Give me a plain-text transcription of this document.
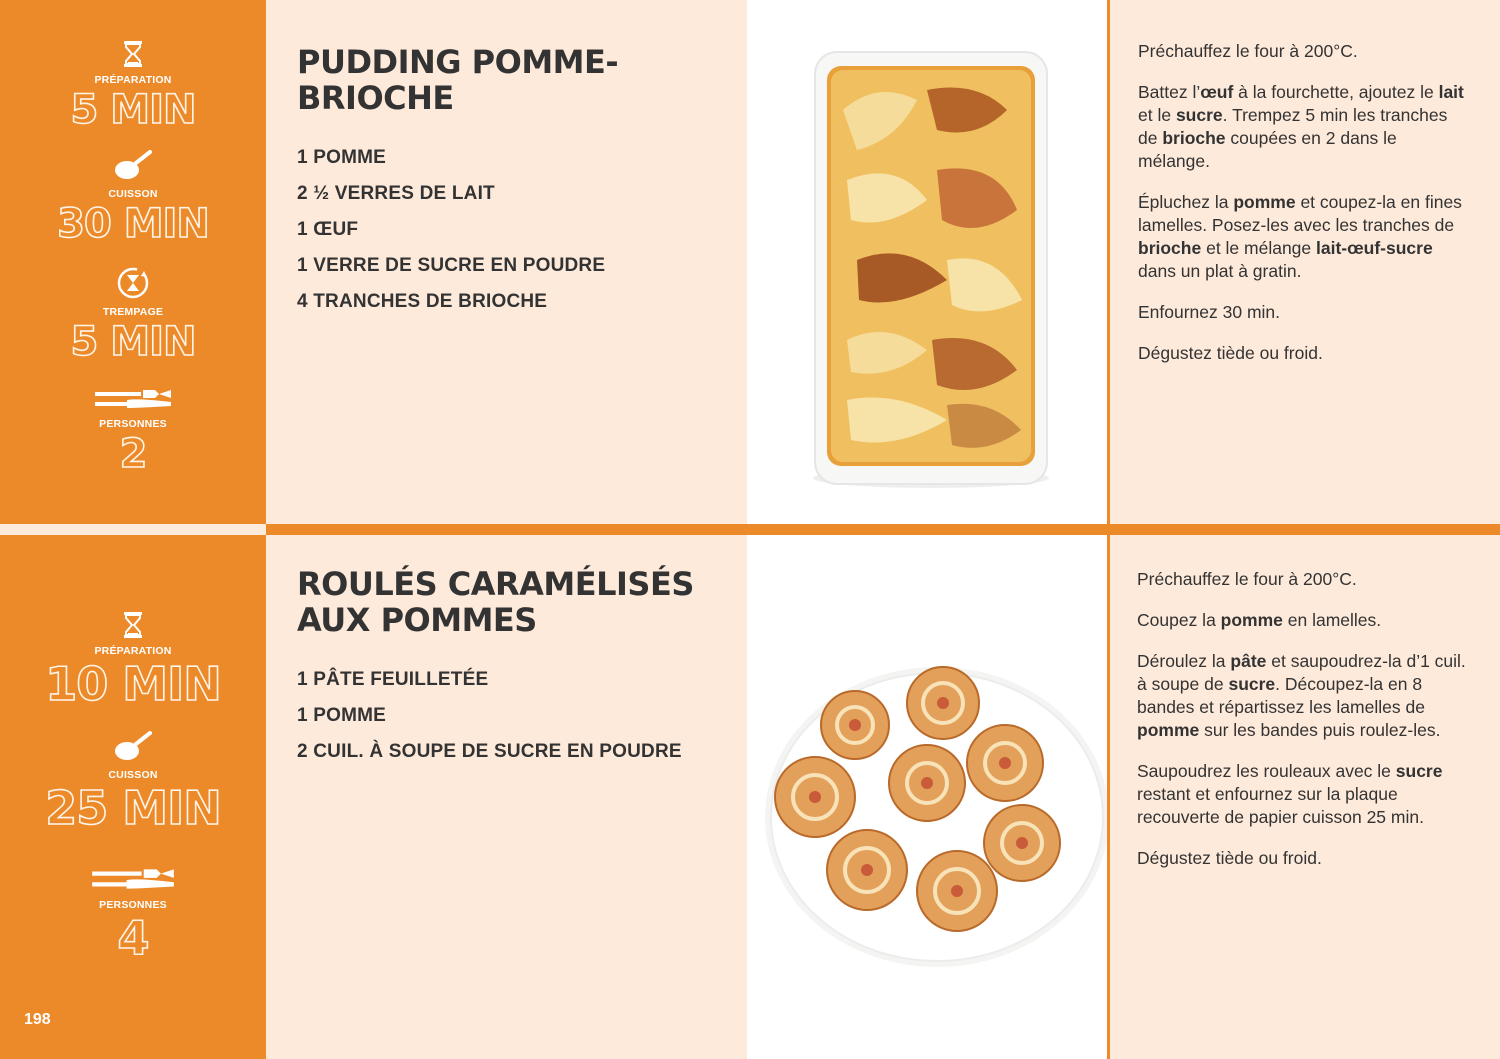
PRÉPARATION
5 MIN
CUISSON
30 MIN
TREMPAGE
5 MIN
PERSONNES
2
PUDDING POMME-BRIOCHE
1 POMME
2 ½ VERRES DE LAIT
1 ŒUF
1 VERRE DE SUCRE EN POUDRE
4 TRANCHES DE BRIOCHE

Préchauffez le four à 200°C.

Battez l’œuf à la fourchette, ajoutez le lait et le sucre. Trempez 5 min les tranches de brioche coupées en 2 dans le mélange.

Épluchez la pomme et coupez-la en fines lamelles. Posez-les avec les tranches de brioche et le mélange lait-œuf-sucre dans un plat à gratin.

Enfournez 30 min.

Dégustez tiède ou froid.

PRÉPARATION
10 MIN
CUISSON
25 MIN
PERSONNES
4
ROULÉS CARAMÉLISÉS AUX POMMES
1 PÂTE FEUILLETÉE
1 POMME
2 CUIL. À SOUPE DE SUCRE EN POUDRE

Préchauffez le four à 200°C.

Coupez la pomme en lamelles.

Déroulez la pâte et saupoudrez-la d’1 cuil. à soupe de sucre. Découpez-la en 8 bandes et répartissez les lamelles de pomme sur les bandes puis roulez-les.

Saupoudrez les rouleaux avec le sucre restant et enfournez sur la plaque recouverte de papier cuisson 25 min.

Dégustez tiède ou froid.

198
